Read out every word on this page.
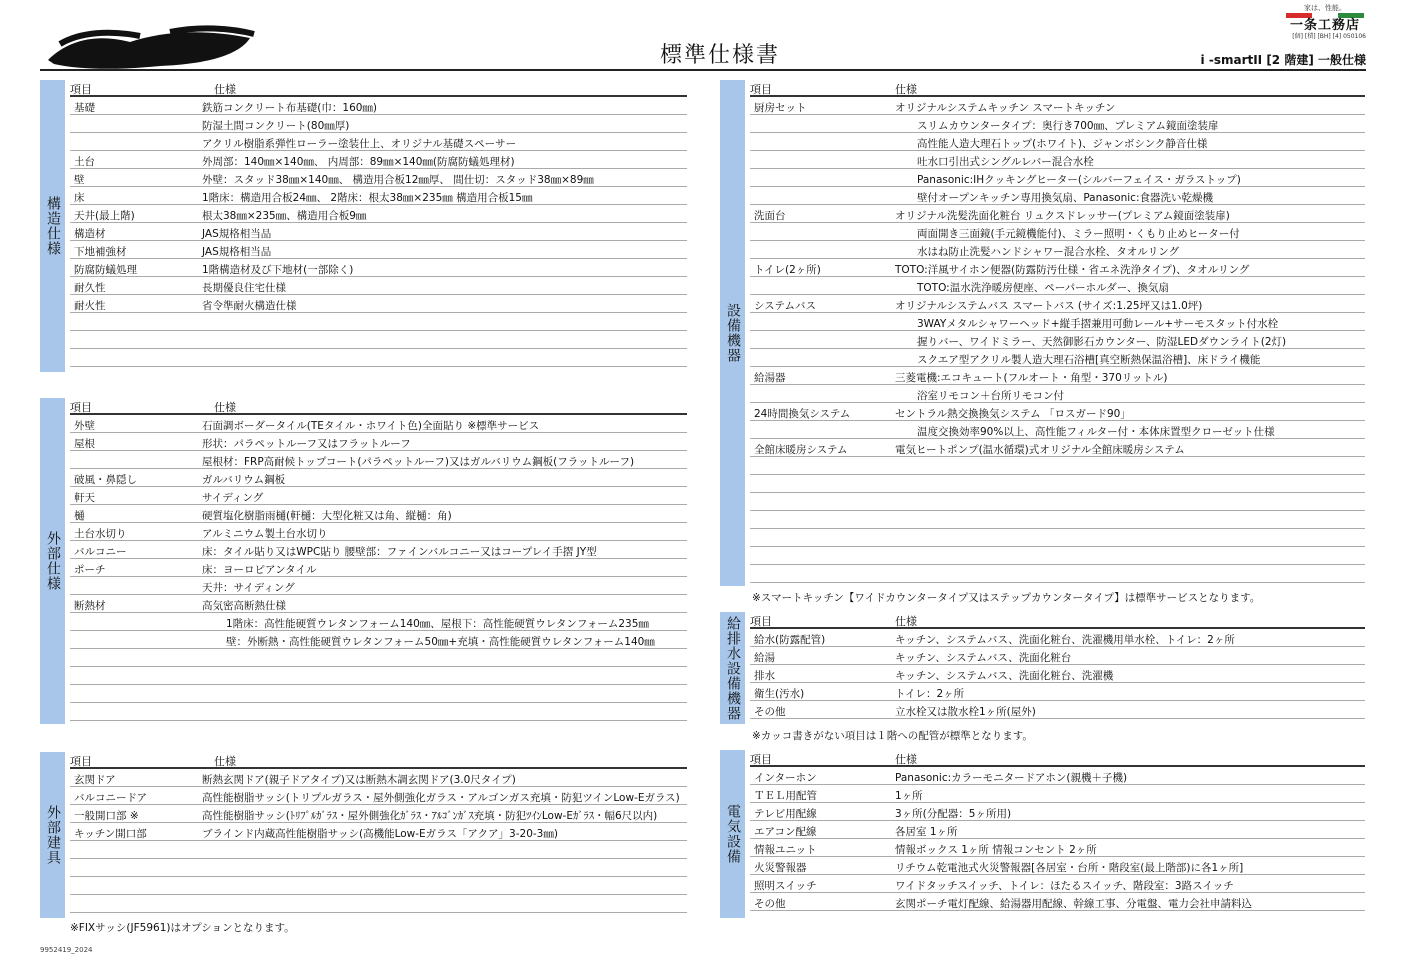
標準仕様書	i -smartII [2 階建] 一般仕様
家は、性能。
一条工務店
[個] [積] [BH] [4] 050106
構造仕様
項目	仕様
基礎	鉄筋コンクリート布基礎(巾：160㎜)
防湿土間コンクリート(80㎜厚)
アクリル樹脂系弾性ローラー塗装仕上、オリジナル基礎スペーサー
土台	外周部：140㎜×140㎜、 内周部：89㎜×140㎜(防腐防蟻処理材)
壁	外壁：スタッド38㎜×140㎜、 構造用合板12㎜厚、 間仕切：スタッド38㎜×89㎜
床	1階床：構造用合板24㎜、 2階床：根太38㎜×235㎜ 構造用合板15㎜
天井(最上階)	根太38㎜×235㎜、構造用合板9㎜
構造材	JAS規格相当品
下地補強材	JAS規格相当品
防腐防蟻処理	1階構造材及び下地材(一部除く)
耐久性	長期優良住宅仕様
耐火性	省令準耐火構造仕様
外部仕様
項目	仕様
外壁	石面調ボーダータイル(TEタイル・ホワイト色)全面貼り ※標準サービス
屋根	形状：パラペットルーフ又はフラットルーフ
屋根材：FRP高耐候トップコート(パラペットルーフ)又はガルバリウム鋼板(フラットルーフ)
破風・鼻隠し	ガルバリウム鋼板
軒天	サイディング
樋	硬質塩化樹脂雨樋(軒樋：大型化粧又は角、縦樋：角)
土台水切り	アルミニウム製土台水切り
バルコニー	床：タイル貼り又はWPC貼り 腰壁部：ファインバルコニー又はコープレイ手摺 JY型
ポーチ	床：ヨーロピアンタイル
天井：サイディング
断熱材	高気密高断熱仕様
1階床：高性能硬質ウレタンフォーム140㎜、屋根下：高性能硬質ウレタンフォーム235㎜
壁：外断熱・高性能硬質ウレタンフォーム50㎜+充填・高性能硬質ウレタンフォーム140㎜
外部建具
項目	仕様
玄関ドア	断熱玄関ドア(親子ドアタイプ)又は断熱木調玄関ドア(3.0尺タイプ)
バルコニードア	高性能樹脂サッシ(トリプルガラス・屋外側強化ガラス・アルゴンガス充填・防犯ツインLow-Eガラス)
一般開口部 ※	高性能樹脂サッシ(ﾄﾘﾌﾟﾙｶﾞﾗｽ・屋外側強化ｶﾞﾗｽ・ｱﾙｺﾞﾝｶﾞｽ充填・防犯ﾂｲﾝLow-Eｶﾞﾗｽ・幅6尺以内)
キッチン開口部	ブラインド内蔵高性能樹脂サッシ(高機能Low-Eガラス「アクア」3-20-3㎜)
※FIXサッシ(JF5961)はオプションとなります。
設備機器
項目	仕様
厨房セット	オリジナルシステムキッチン スマートキッチン
スリムカウンタータイプ：奥行き700㎜、プレミアム鏡面塗装扉
高性能人造大理石トップ(ホワイト)、ジャンボシンク静音仕様
吐水口引出式シングルレバー混合水栓
Panasonic:IHクッキングヒーター(シルバーフェイス・ガラストップ)
壁付オープンキッチン専用換気扇、Panasonic:食器洗い乾燥機
洗面台	オリジナル洗髪洗面化粧台 リュクスドレッサー(プレミアム鏡面塗装扉)
両面開き三面鏡(手元鏡機能付)、ミラー照明・くもり止めヒーター付
水はね防止洗髪ハンドシャワー混合水栓、タオルリング
トイレ(2ヶ所)	TOTO:洋風サイホン便器(防露防汚仕様・省エネ洗浄タイプ)、タオルリング
TOTO:温水洗浄暖房便座、ペーパーホルダー、換気扇
システムバス	オリジナルシステムバス スマートバス (サイズ:1.25坪又は1.0坪)
3WAYメタルシャワーヘッド+縦手摺兼用可動レール+サーモスタット付水栓
握りバー、ワイドミラー、天然御影石カウンター、防湿LEDダウンライト(2灯)
スクエア型アクリル製人造大理石浴槽[真空断熱保温浴槽]、床ドライ機能
給湯器	三菱電機:エコキュート(フルオート・角型・370リットル)
浴室リモコン＋台所リモコン付
24時間換気システム	セントラル熱交換換気システム 「ロスガード90」
温度交換効率90%以上、高性能フィルター付・本体床置型クローゼット仕様
全館床暖房システム	電気ヒートポンプ(温水循環)式オリジナル全館床暖房システム
※スマートキッチン【ワイドカウンタータイプ又はステップカウンタータイプ】は標準サービスとなります。
給排水設備機器 項目	仕様
給水(防露配管)	キッチン、システムバス、洗面化粧台、洗濯機用単水栓、トイレ：2ヶ所
給湯	キッチン、システムバス、洗面化粧台
排水	キッチン、システムバス、洗面化粧台、洗濯機
衛生(汚水)	トイレ：2ヶ所
その他	立水栓又は散水栓1ヶ所(屋外)
※カッコ書きがない項目は１階への配管が標準となります。
電気設備
項目	仕様
インターホン	Panasonic:カラーモニタードアホン(親機＋子機)
ＴＥＬ用配管	1ヶ所
テレビ用配線	3ヶ所(分配器：5ヶ所用)
エアコン配線	各居室 1ヶ所
情報ユニット	情報ボックス 1ヶ所 情報コンセント 2ヶ所
火災警報器	リチウム乾電池式火災警報器[各居室・台所・階段室(最上階部)に各1ヶ所]
照明スイッチ	ワイドタッチスイッチ、トイレ：ほたるスイッチ、階段室：3路スイッチ
その他	玄関ポーチ電灯配線、給湯器用配線、幹線工事、分電盤、電力会社申請料込
9952419_2024
